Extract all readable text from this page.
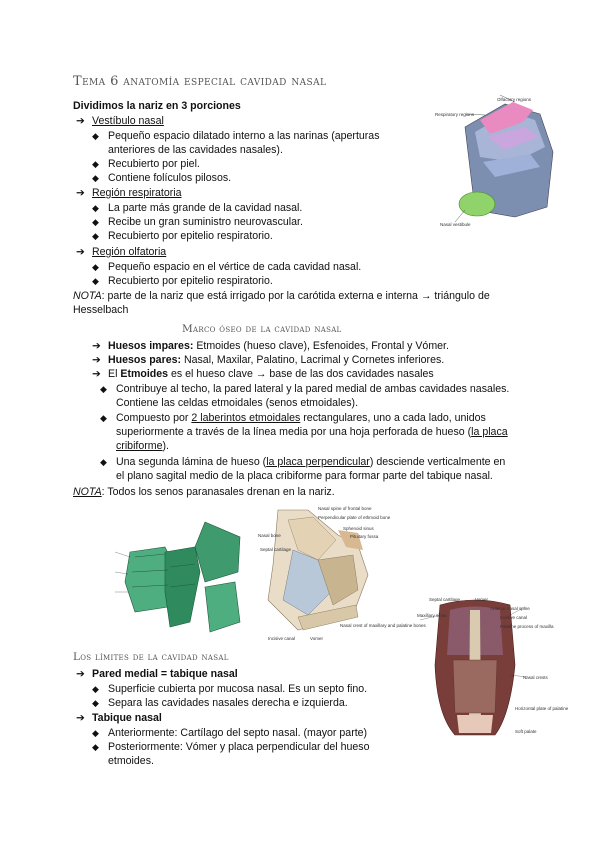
Tema 6 anatomía especial cavidad nasal
Dividimos la nariz en 3 porciones
➔ Vestíbulo nasal
◆ Pequeño espacio dilatado interno a las narinas (aperturas
anteriores de las cavidades nasales).
◆ Recubierto por piel.
◆ Contiene folículos pilosos.
➔ Región respiratoria
◆ La parte más grande de la cavidad nasal.
◆ Recibe un gran suministro neurovascular.
◆ Recubierto por epitelio respiratorio.
➔ Región olfatoria
◆ Pequeño espacio en el vértice de cada cavidad nasal.
◆ Recubierto por epitelio respiratorio.
NOTA: parte de la nariz que está irrigado por la carótida externa e interna → triángulo de
Hesselbach
Marco óseo de la cavidad nasal
➔ Huesos impares: Etmoides (hueso clave), Esfenoides, Frontal y Vómer.
➔ Huesos pares: Nasal, Maxilar, Palatino, Lacrimal y Cornetes inferiores.
➔ El Etmoides es el hueso clave → base de las dos cavidades nasales
◆ Contribuye al techo, la pared lateral y la pared medial de ambas cavidades nasales.
Contiene las celdas etmoidales (senos etmoidales).
◆ Compuesto por 2 laberintos etmoidales rectangulares, uno a cada lado, unidos
superiormente a través de la línea media por una hoja perforada de hueso (la placa
cribiforme).
◆ Una segunda lámina de hueso (la placa perpendicular) desciende verticalmente en
el plano sagital medio de la placa cribiforme para formar parte del tabique nasal.
NOTA: Todos los senos paranasales drenan en la nariz.
Los límites de la cavidad nasal
➔ Pared medial = tabique nasal
◆ Superficie cubierta por mucosa nasal. Es un septo fino.
◆ Separa las cavidades nasales derecha e izquierda.
➔ Tabique nasal
◆ Anteriormente: Cartílago del septo nasal. (mayor parte)
◆ Posteriormente: Vómer y placa perpendicular del hueso
etmoides.
Olfactory regions
Respiratory regions
Nasal vestibule
Nasal spine of frontal bone
Perpendicular plate of ethmoid bone
Sphenoid sinus
Pituitary fossa
Nasal bone
Septal cartilage
Nasal crest of maxillary and palatine bones
Incisive canal	Vomer
Septal cartilage	Vomer
Maxillary sinus
Anterior nasal spine
Incisive canal
Palatine process of maxilla
Nasal crests
Horizontal plate of palatine
Soft palate
